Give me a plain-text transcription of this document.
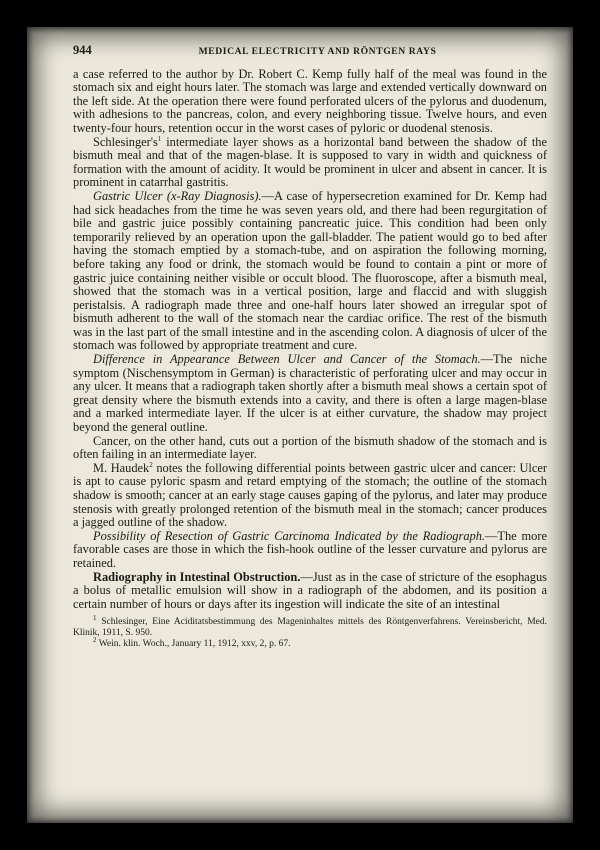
944	MEDICAL ELECTRICITY AND RÖNTGEN RAYS

a case referred to the author by Dr. Robert C. Kemp fully half of the meal was found in the stomach six and eight hours later. The stomach was large and extended vertically downward on the left side. At the operation there were found perforated ulcers of the pylorus and duodenum, with adhesions to the pancreas, colon, and every neighboring tissue. Twelve hours, and even twenty-four hours, retention occur in the worst cases of pyloric or duodenal stenosis.

$Schlesinger's^1$ intermediate layer shows as a horizontal band between the shadow of the bismuth meal and that of the magen-blase. It is supposed to vary in width and quickness of formation with the amount of acidity. It would be prominent in ulcer and absent in cancer. It is prominent in catarrhal gastritis.

Gastric Ulcer (x-Ray Diagnosis).—A case of hypersecretion examined for Dr. Kemp had had sick headaches from the time he was seven years old, and there had been regurgitation of bile and gastric juice possibly containing pancreatic juice. This condition had been only temporarily relieved by an operation upon the gall-bladder. The patient would go to bed after having the stomach emptied by a stomach-tube, and on aspiration the following morning, before taking any food or drink, the stomach would be found to contain a pint or more of gastric juice containing neither visible or occult blood. The fluoroscope, after a bismuth meal, showed that the stomach was in a vertical position, large and flaccid and with sluggish peristalsis. A radiograph made three and one-half hours later showed an irregular spot of bismuth adherent to the wall of the stomach near the cardiac orifice. The rest of the bismuth was in the last part of the small intestine and in the ascending colon. A diagnosis of ulcer of the stomach was followed by appropriate treatment and cure.

Difference in Appearance Between Ulcer and Cancer of the Stomach.—The niche symptom (Nischensymptom in German) is characteristic of perforating ulcer and may occur in any ulcer. It means that a radiograph taken shortly after a bismuth meal shows a certain spot of great density where the bismuth extends into a cavity, and there is often a large magen-blase and a marked intermediate layer. If the ulcer is at either curvature, the shadow may project beyond the general outline.

Cancer, on the other hand, cuts out a portion of the bismuth shadow of the stomach and is often failing in an intermediate layer.

M. Haudek$^2$ notes the following differential points between gastric ulcer and cancer: Ulcer is apt to cause pyloric spasm and retard emptying of the stomach; the outline of the stomach shadow is smooth; cancer at an early stage causes gaping of the pylorus, and later may produce stenosis with greatly prolonged retention of the bismuth meal in the stomach; cancer produces a jagged outline of the shadow.

Possibility of Resection of Gastric Carcinoma Indicated by the Radiograph.—The more favorable cases are those in which the fish-hook outline of the lesser curvature and pylorus are retained.

Radiography in Intestinal Obstruction.—Just as in the case of stricture of the esophagus a bolus of metallic emulsion will show in a radiograph of the abdomen, and its position a certain number of hours or days after its ingestion will indicate the site of an intestinal

$^1$ Schlesinger, Eine Aciditatsbestimmung des Mageninhaltes mittels des Röntgenverfahrens. Vereinsbericht, Med. Klinik, 1911, S. 950.

$^2$ Wein. klin. Woch., January 11, 1912, xxv, 2, p. 67.
